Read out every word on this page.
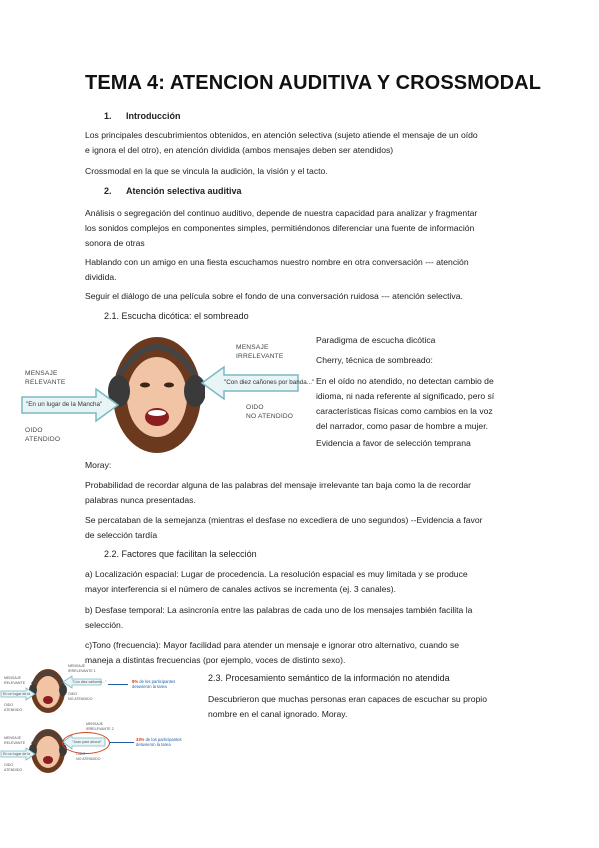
TEMA 4: ATENCION AUDITIVA Y CROSSMODAL
1. Introducción
Los principales descubrimientos obtenidos, en atención selectiva (sujeto atiende el mensaje de un oído
e ignora el del otro), en atención dividida (ambos mensajes deben ser atendidos)
Crossmodal en la que se vincula la audición, la visión y el tacto.
2. Atención selectiva auditiva
Análisis o segregación del continuo auditivo, depende de nuestra capacidad para analizar y fragmentar
los sonidos complejos en componentes simples, permitiéndonos diferenciar una fuente de información
sonora de otras
Hablando con un amigo en una fiesta escuchamos nuestro nombre en otra conversación --- atención
dividida.
Seguir el diálogo de una película sobre el fondo de una conversación ruidosa --- atención selectiva.
2.1. Escucha dicótica: el sombreado
MENSAJE
RELEVANTE
"En un lugar de la Mancha"
OIDO
ATENDIDO
MENSAJE
IRRELEVANTE
"Con diez cañones por banda..."
OIDO
NO ATENDIDO
Paradigma de escucha dicótica
Cherry, técnica de sombreado:
En el oído no atendido, no detectan cambio de
idioma, ni nada referente al significado, pero sí
características físicas como cambios en la voz
del narrador, como pasar de hombre a mujer.
Evidencia a favor de selección temprana
Moray:
Probabilidad de recordar alguna de las palabras del mensaje irrelevante tan baja como la de recordar
palabras nunca presentadas.
Se percataban de la semejanza (mientras el desfase no excediera de uno segundos) --Evidencia a favor
de selección tardía
2.2. Factores que facilitan la selección
a) Localización espacial: Lugar de procedencia. La resolución espacial es muy limitada y se produce
mayor interferencia si el número de canales activos se incrementa (ej. 3 canales).
b) Desfase temporal: La asincronía entre las palabras de cada uno de los mensajes también facilita la
selección.
c)Tono (frecuencia): Mayor facilidad para atender un mensaje e ignorar otro alternativo, cuando se
maneja a distintas frecuencias (por ejemplo, voces de distinto sexo).
MENSAJE
RELEVANTE
En un lugar de la
OIDO
ATENDIDO
MENSAJE
IRRELEVANTE 1
"Con diez cañones..."
OIDO
NO ATENDIDO
8% de los participantes
detuvieron la tarea
MENSAJE
RELEVANTE
En un lugar de la
OIDO
ATENDIDO
MENSAJE
IRRELEVANTE 2
"Juan pare ahora!"
OIDO
NO ATENDIDO
33% de los participantes
detuvieron la tarea
2.3. Procesamiento semántico de la información no atendida
Descubrieron que muchas personas eran capaces de escuchar su propio
nombre en el canal ignorado. Moray.
